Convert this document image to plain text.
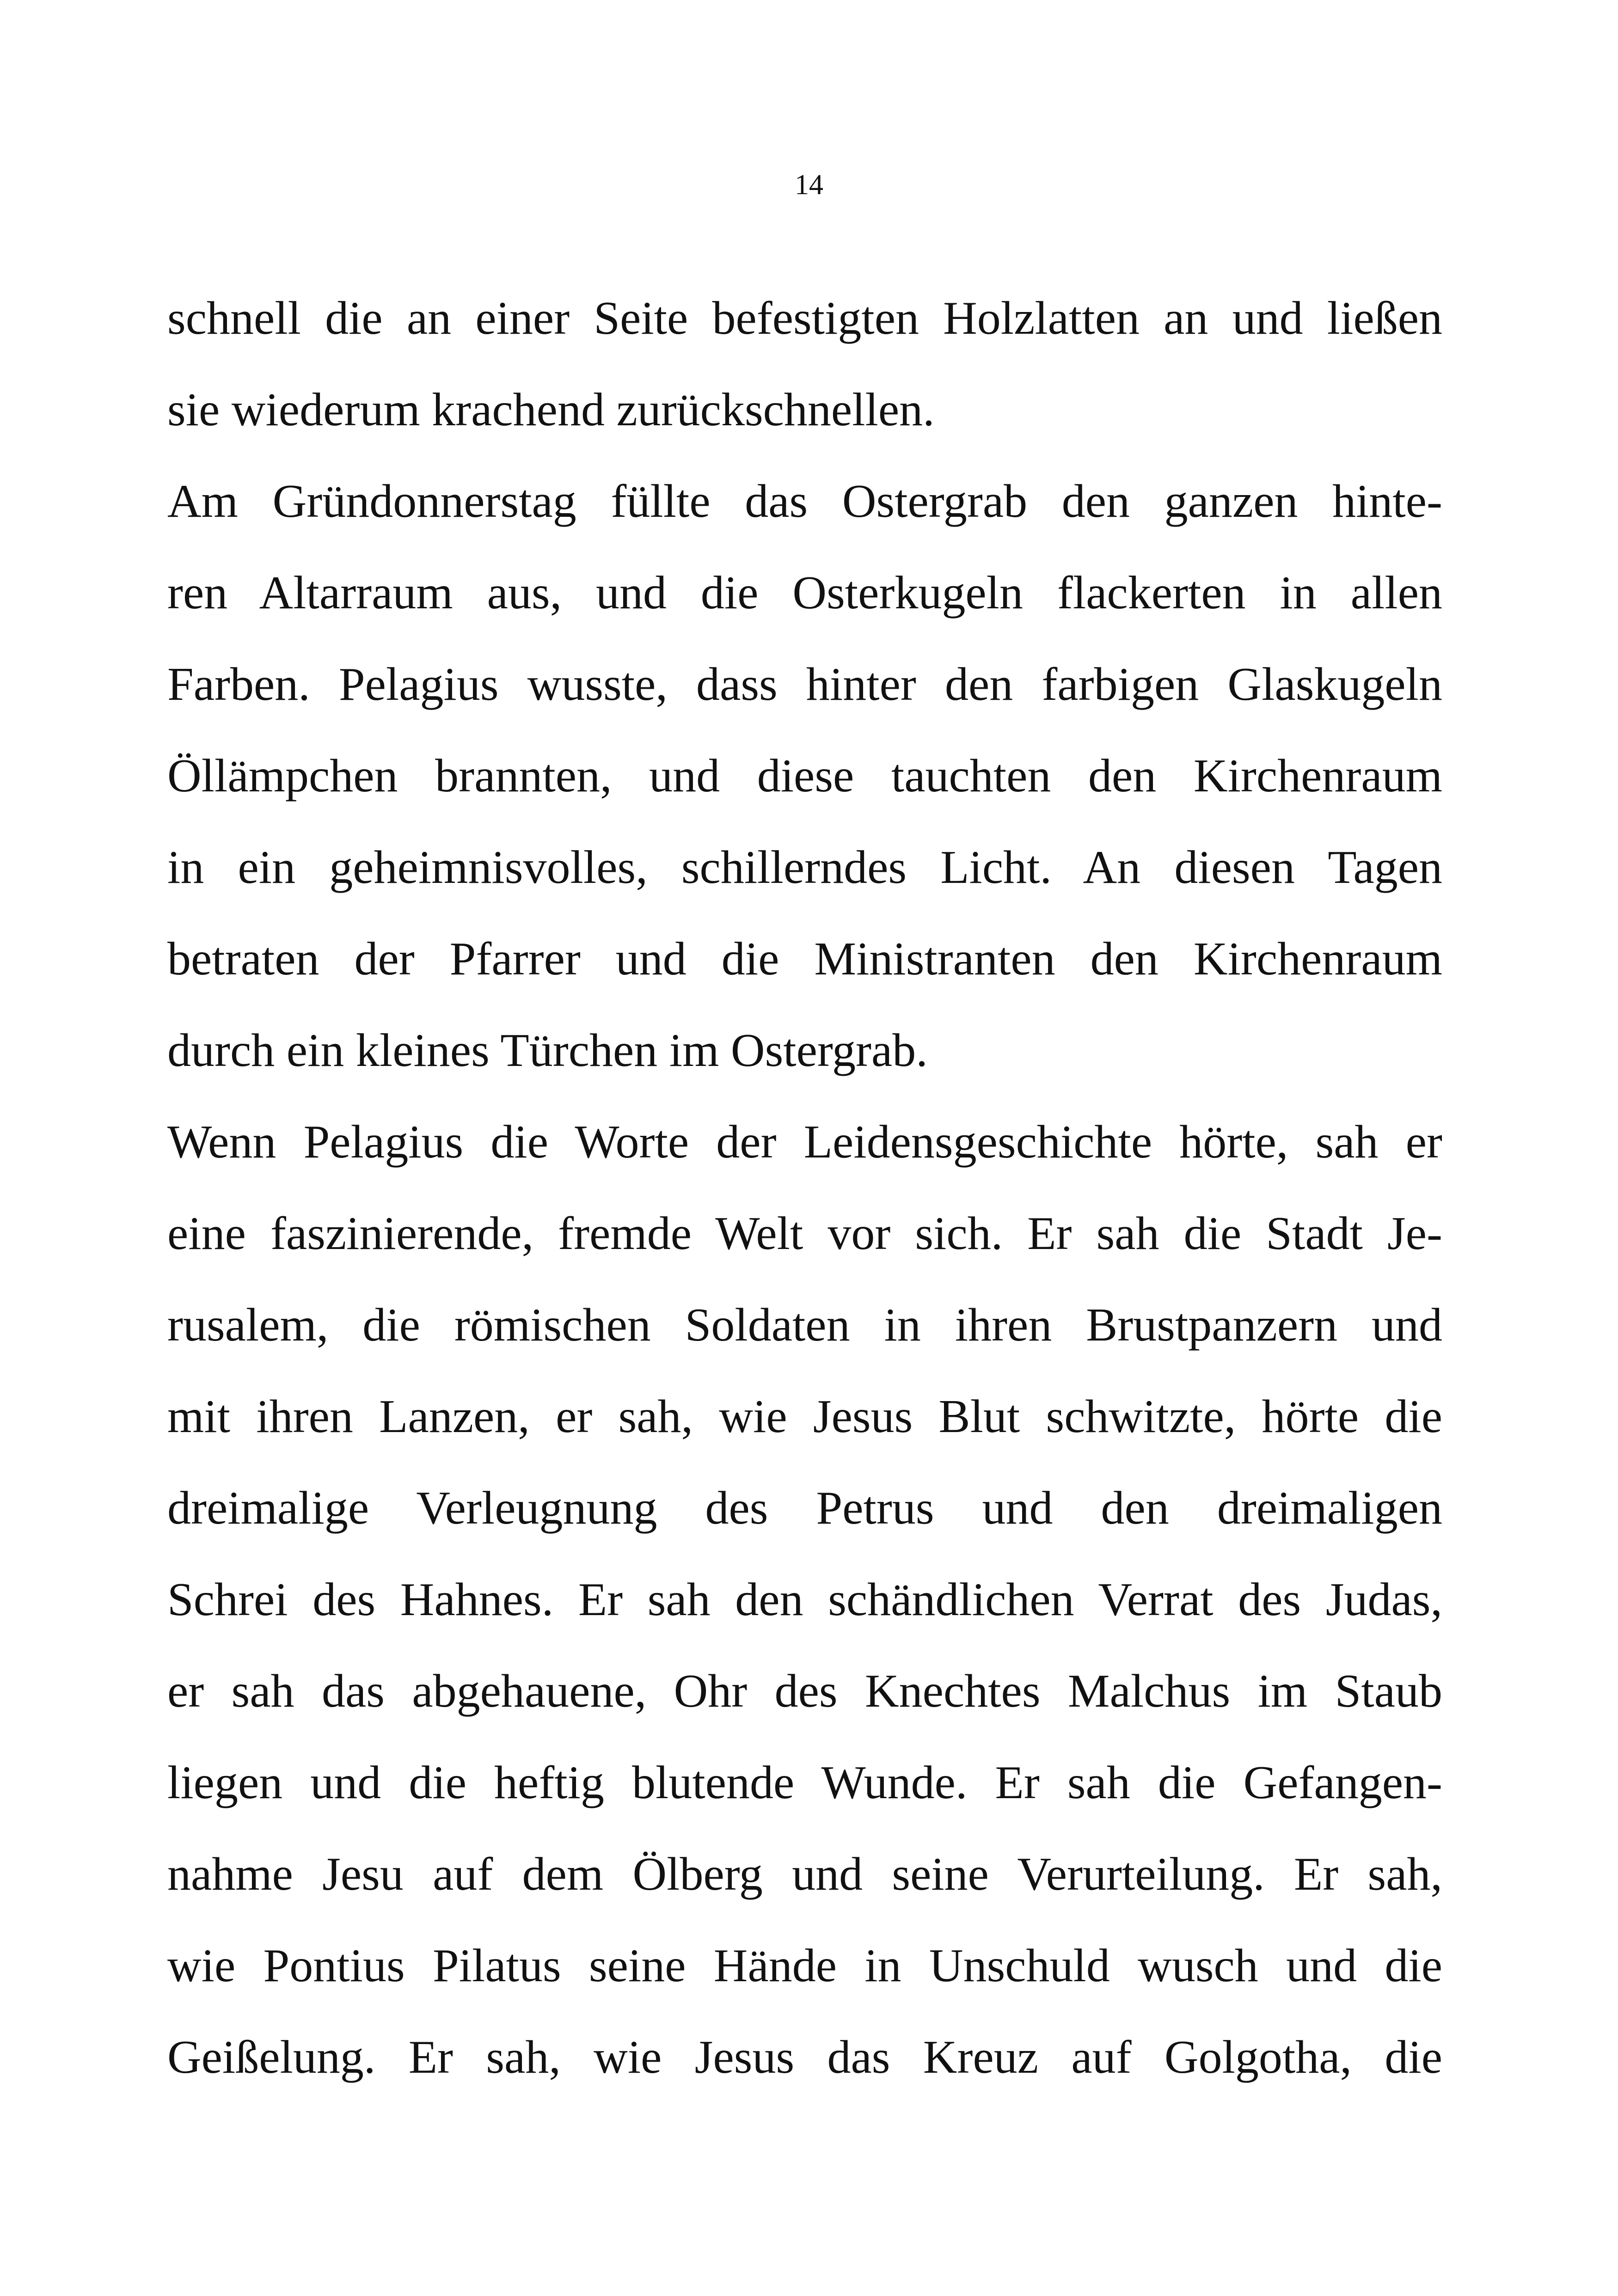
14
schnell die an einer Seite befestigten Holzlatten an und ließen
sie wiederum krachend zurückschnellen.
Am Gründonnerstag füllte das Ostergrab den ganzen hinte-
ren Altarraum aus, und die Osterkugeln flackerten in allen
Farben. Pelagius wusste, dass hinter den farbigen Glaskugeln
Öllämpchen brannten, und diese tauchten den Kirchenraum
in ein geheimnisvolles, schillerndes Licht. An diesen Tagen
betraten der Pfarrer und die Ministranten den Kirchenraum
durch ein kleines Türchen im Ostergrab.
Wenn Pelagius die Worte der Leidensgeschichte hörte, sah er
eine faszinierende, fremde Welt vor sich. Er sah die Stadt Je-
rusalem, die römischen Soldaten in ihren Brustpanzern und
mit ihren Lanzen, er sah, wie Jesus Blut schwitzte, hörte die
dreimalige Verleugnung des Petrus und den dreimaligen
Schrei des Hahnes. Er sah den schändlichen Verrat des Judas,
er sah das abgehauene, Ohr des Knechtes Malchus im Staub
liegen und die heftig blutende Wunde. Er sah die Gefangen-
nahme Jesu auf dem Ölberg und seine Verurteilung. Er sah,
wie Pontius Pilatus seine Hände in Unschuld wusch und die
Geißelung. Er sah, wie Jesus das Kreuz auf Golgotha, die
